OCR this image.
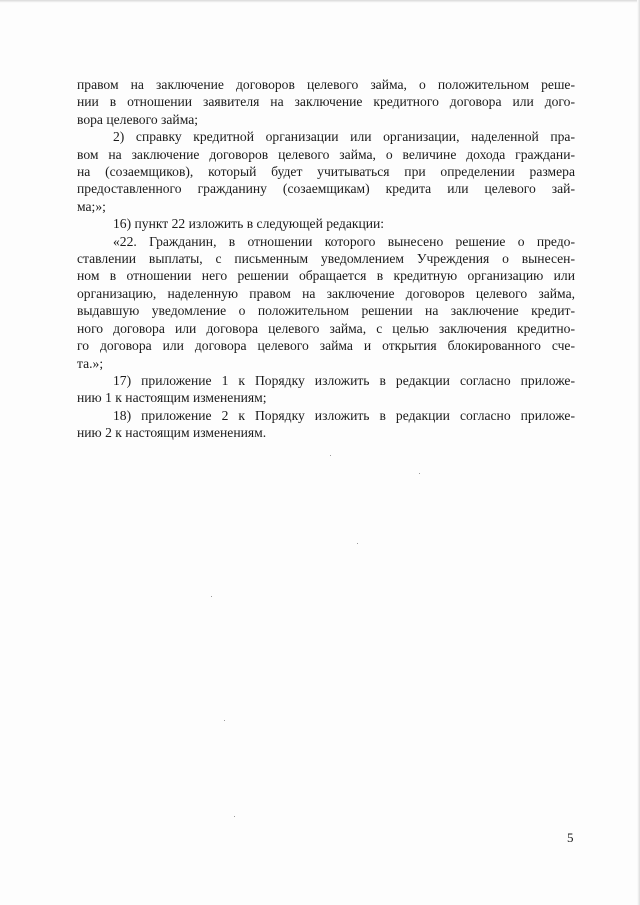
правом на заключение договоров целевого займа, о положительном реше-
нии в отношении заявителя на заключение кредитного договора или дого-
вора целевого займа;
2) справку кредитной организации или организации, наделенной пра-
вом на заключение договоров целевого займа, о величине дохода граждани-
на (созаемщиков), который будет учитываться при определении размера
предоставленного гражданину (созаемщикам) кредита или целевого зай-
ма;»;
16) пункт 22 изложить в следующей редакции:
«22. Гражданин, в отношении которого вынесено решение о предо-
ставлении выплаты, с письменным уведомлением Учреждения о вынесен-
ном в отношении него решении обращается в кредитную организацию или
организацию, наделенную правом на заключение договоров целевого займа,
выдавшую уведомление о положительном решении на заключение кредит-
ного договора или договора целевого займа, с целью заключения кредитно-
го договора или договора целевого займа и открытия блокированного сче-
та.»;
17) приложение 1 к Порядку изложить в редакции согласно приложе-
нию 1 к настоящим изменениям;
18) приложение 2 к Порядку изложить в редакции согласно приложе-
нию 2 к настоящим изменениям.
5
